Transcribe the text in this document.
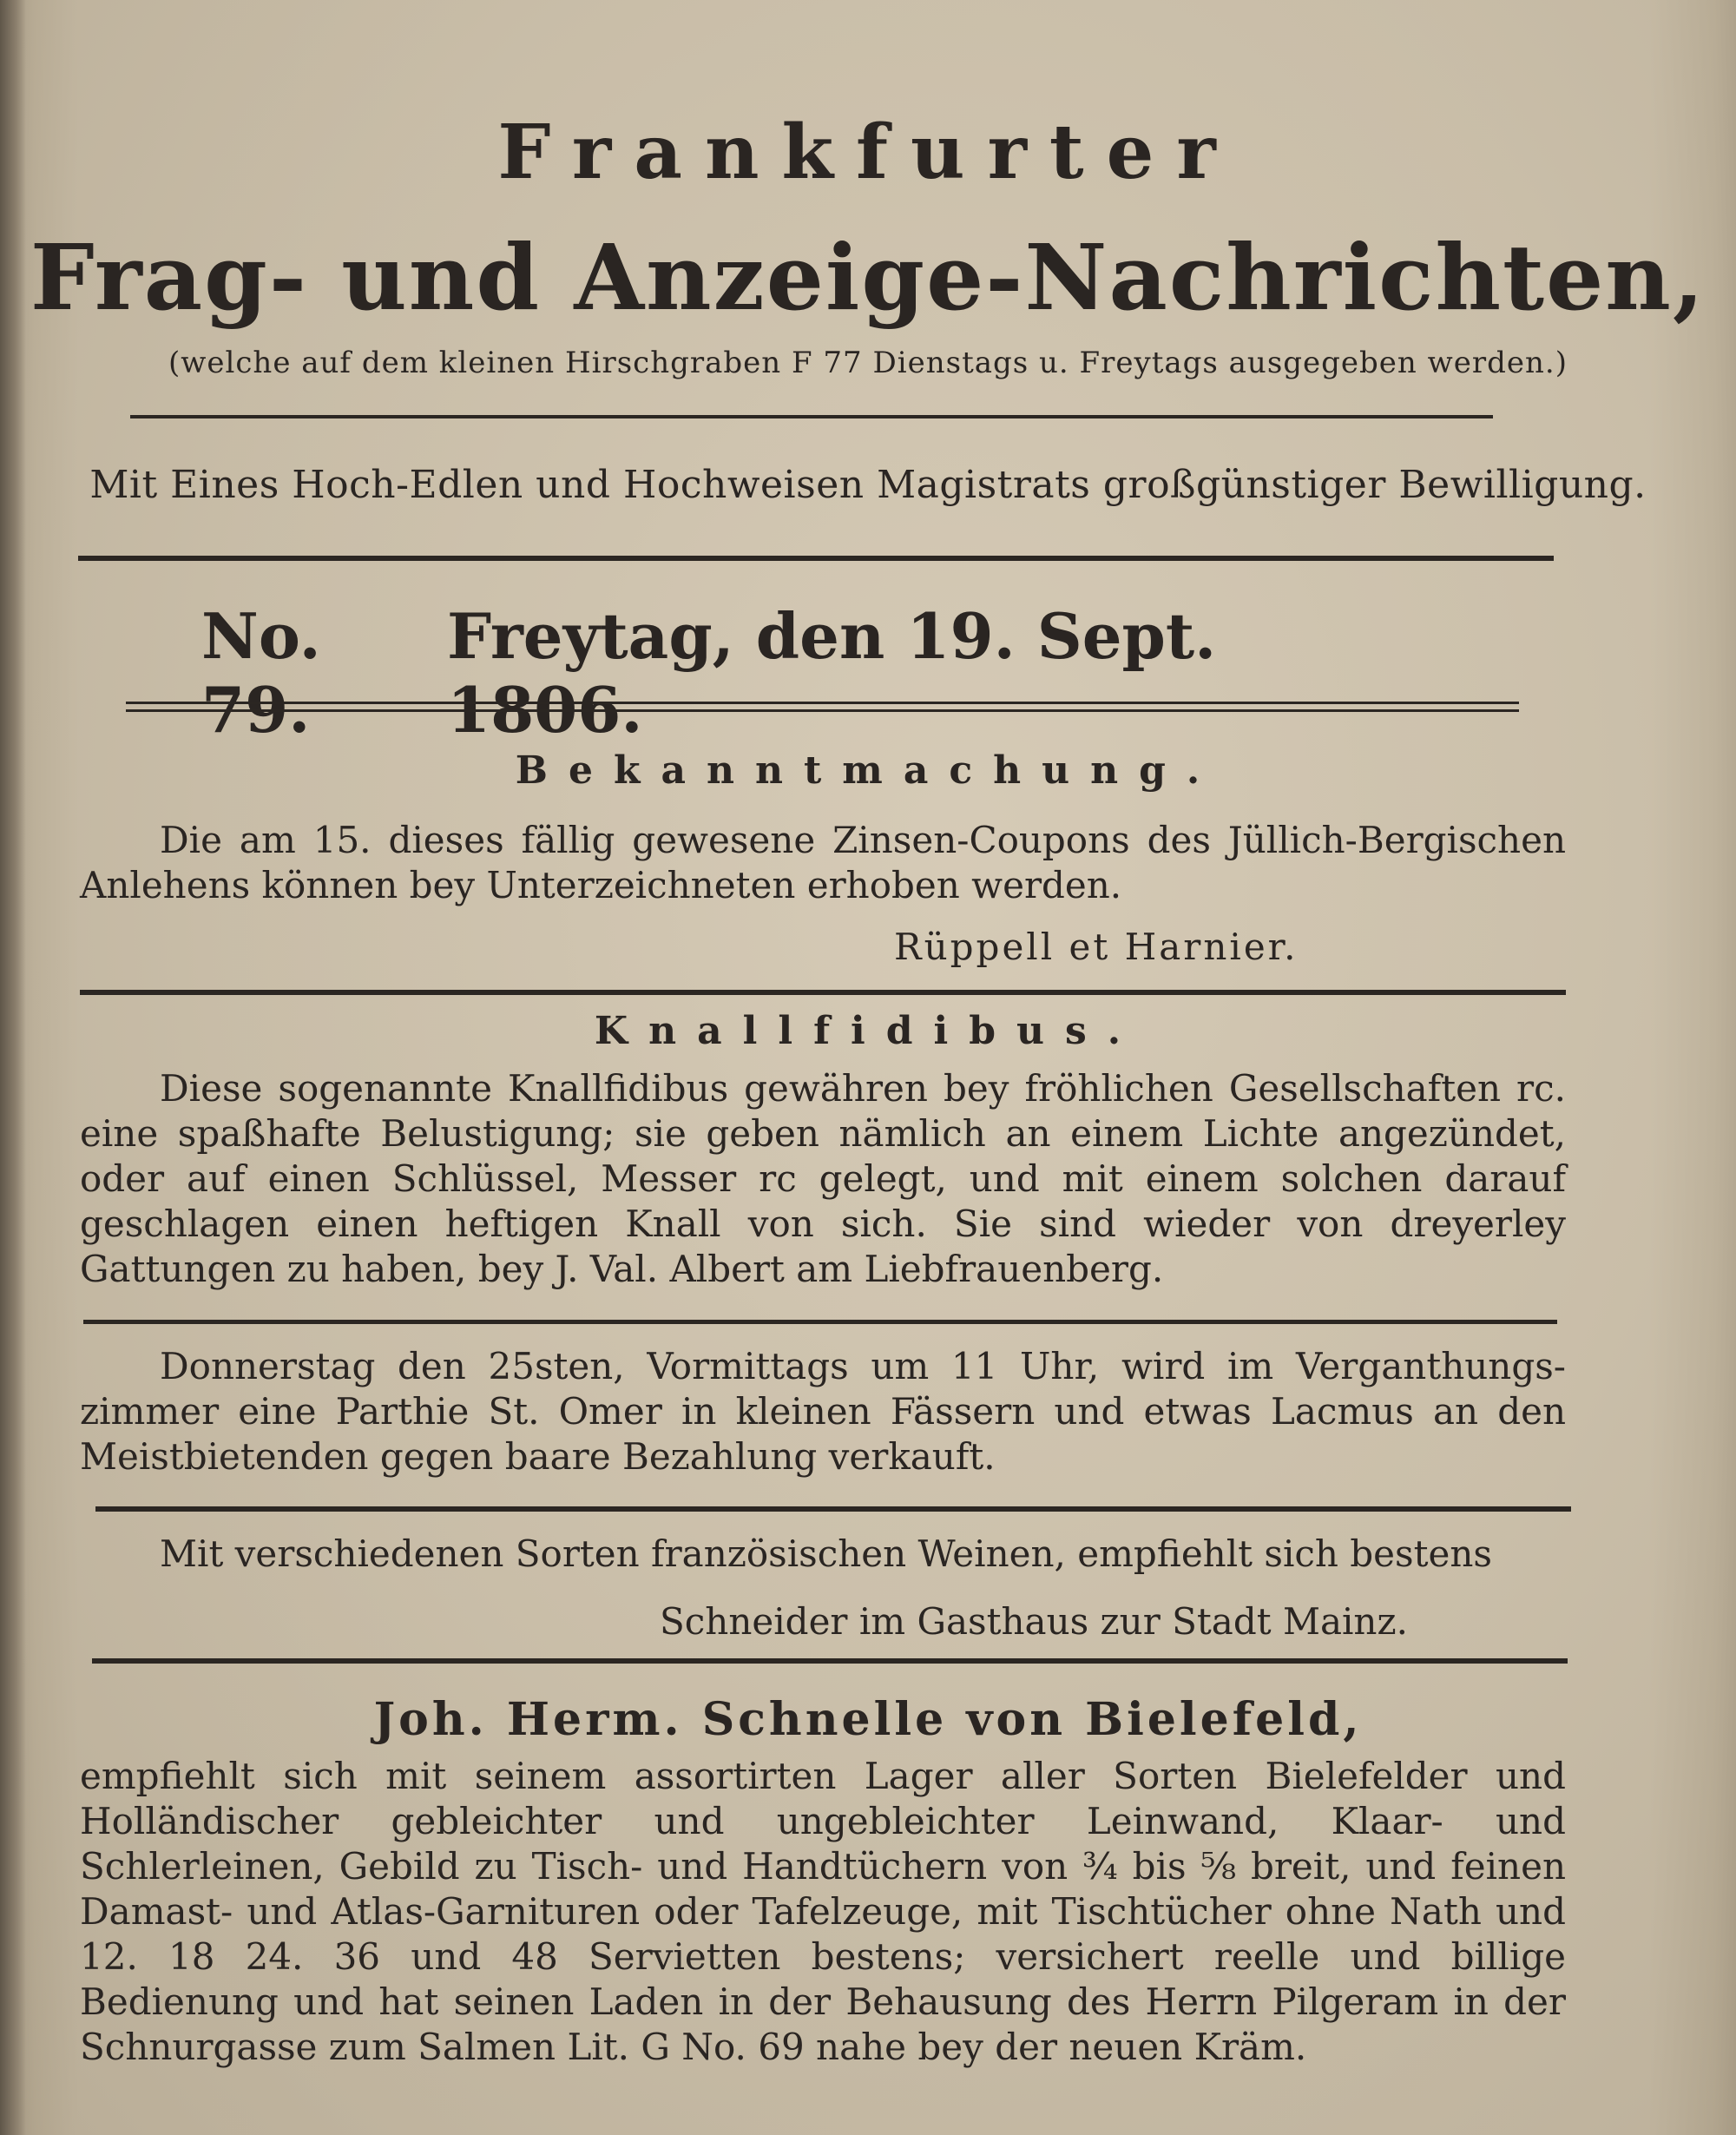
Frankfurter
Frag- und Anzeige-Nachrichten,
(welche auf dem kleinen Hirschgraben F 77 Dienstags u. Freytags ausgegeben werden.)
Mit Eines Hoch-Edlen und Hochweisen Magistrats großgünstiger Bewilligung.
No. 79.
Freytag, den 19. Sept. 1806.
Bekanntmachung.
Die am 15. dieses fällig gewesene Zinsen-Coupons des Jüllich-Bergischen Anlehens können bey Unterzeichneten erhoben werden.
Rüppell et Harnier.
Knallfidibus.
Diese sogenannte Knallfidibus gewähren bey fröhlichen Gesellschaften rc. eine spaßhafte Belustigung; sie geben nämlich an einem Lichte angezündet, oder auf einen Schlüssel, Messer rc gelegt, und mit einem solchen darauf geschlagen einen heftigen Knall von sich. Sie sind wieder von dreyerley Gattungen zu haben, bey J. Val. Albert am Liebfrauenberg.
Donnerstag den 25sten, Vormittags um 11 Uhr, wird im Verganthungs-zimmer eine Parthie St. Omer in kleinen Fässern und etwas Lacmus an den Meistbietenden gegen baare Bezahlung verkauft.
Mit verschiedenen Sorten französischen Weinen, empfiehlt sich bestens
Schneider im Gasthaus zur Stadt Mainz.
Joh. Herm. Schnelle von Bielefeld,
empfiehlt sich mit seinem assortirten Lager aller Sorten Bielefelder und Holländischer gebleichter und ungebleichter Leinwand, Klaar- und Schlerleinen, Gebild zu Tisch- und Handtüchern von ¾ bis ⅝ breit, und feinen Damast- und Atlas-Garnituren oder Tafelzeuge, mit Tischtücher ohne Nath und 12. 18 24. 36 und 48 Servietten bestens; versichert reelle und billige Bedienung und hat seinen Laden in der Behausung des Herrn Pilgeram in der Schnurgasse zum Salmen Lit. G No. 69 nahe bey der neuen Kräm.
